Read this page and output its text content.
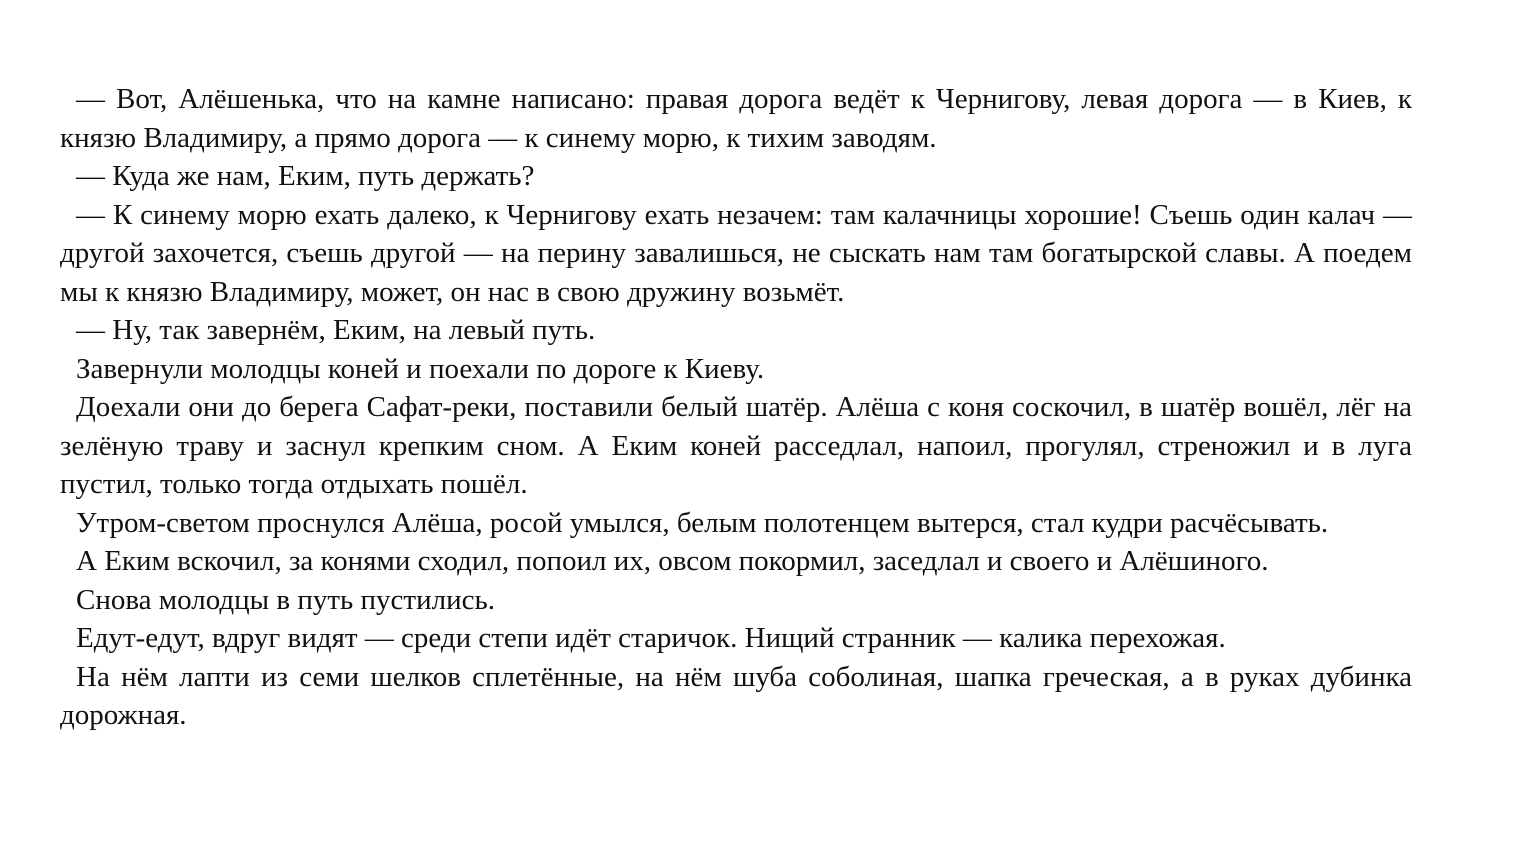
— Вот, Алёшенька, что на камне написано: правая дорога ведёт к Чернигову, левая дорога — в Киев, к князю Владимиру, а прямо дорога — к синему морю, к тихим заводям.

— Куда же нам, Еким, путь держать?

— К синему морю ехать далеко, к Чернигову ехать незачем: там калачницы хорошие! Съешь один калач — другой захочется, съешь другой — на перину завалишься, не сыскать нам там богатырской славы. А поедем мы к князю Владимиру, может, он нас в свою дружину возьмёт.

— Ну, так завернём, Еким, на левый путь.

Завернули молодцы коней и поехали по дороге к Киеву.

Доехали они до берега Сафат-реки, поставили белый шатёр. Алёша с коня соскочил, в шатёр вошёл, лёг на зелёную траву и заснул крепким сном. А Еким коней расседлал, напоил, прогулял, стреножил и в луга пустил, только тогда отдыхать пошёл.

Утром-светом проснулся Алёша, росой умылся, белым полотенцем вытерся, стал кудри расчёсывать.

А Еким вскочил, за конями сходил, попоил их, овсом покормил, заседлал и своего и Алёшиного.

Снова молодцы в путь пустились.

Едут-едут, вдруг видят — среди степи идёт старичок. Нищий странник — калика перехожая.

На нём лапти из семи шелков сплетённые, на нём шуба соболиная, шапка греческая, а в руках дубинка дорожная.
